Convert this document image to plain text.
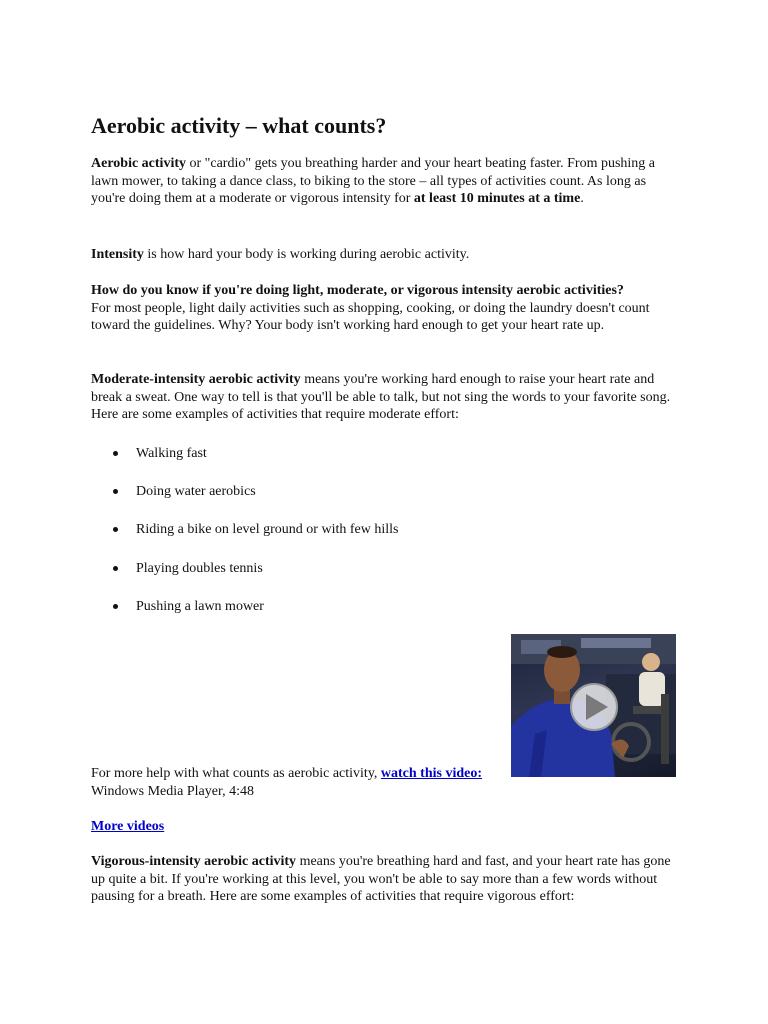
Aerobic activity – what counts?

Aerobic activity or "cardio" gets you breathing harder and your heart beating faster. From pushing a lawn mower, to taking a dance class, to biking to the store – all types of activities count. As long as you're doing them at a moderate or vigorous intensity for at least 10 minutes at a time.

Intensity is how hard your body is working during aerobic activity.

How do you know if you're doing light, moderate, or vigorous intensity aerobic activities?
For most people, light daily activities such as shopping, cooking, or doing the laundry doesn't count toward the guidelines. Why? Your body isn't working hard enough to get your heart rate up.

Moderate-intensity aerobic activity means you're working hard enough to raise your heart rate and break a sweat. One way to tell is that you'll be able to talk, but not sing the words to your favorite song. Here are some examples of activities that require moderate effort:

Walking fast
Doing water aerobics
Riding a bike on level ground or with few hills
Playing doubles tennis
Pushing a lawn mower

For more help with what counts as aerobic activity, watch this video:
Windows Media Player, 4:48

More videos

Vigorous-intensity aerobic activity means you're breathing hard and fast, and your heart rate has gone up quite a bit. If you're working at this level, you won't be able to say more than a few words without pausing for a breath. Here are some examples of activities that require vigorous effort:
